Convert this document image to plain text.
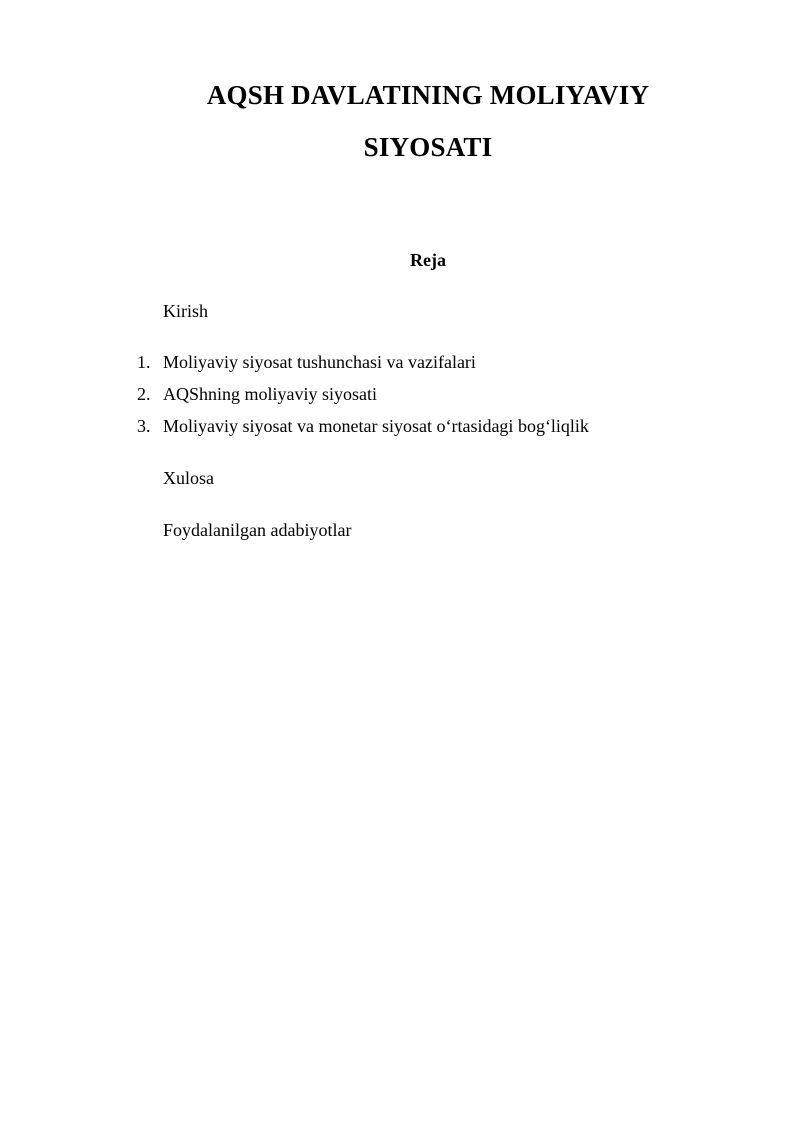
AQSH DAVLATINING MOLIYAVIY
SIYOSATI
Reja
Kirish
1. Moliyaviy siyosat tushunchasi va vazifalari
2. AQShning moliyaviy siyosati
3. Moliyaviy siyosat va monetar siyosat o‘rtasidagi bog‘liqlik
Xulosa
Foydalanilgan adabiyotlar
